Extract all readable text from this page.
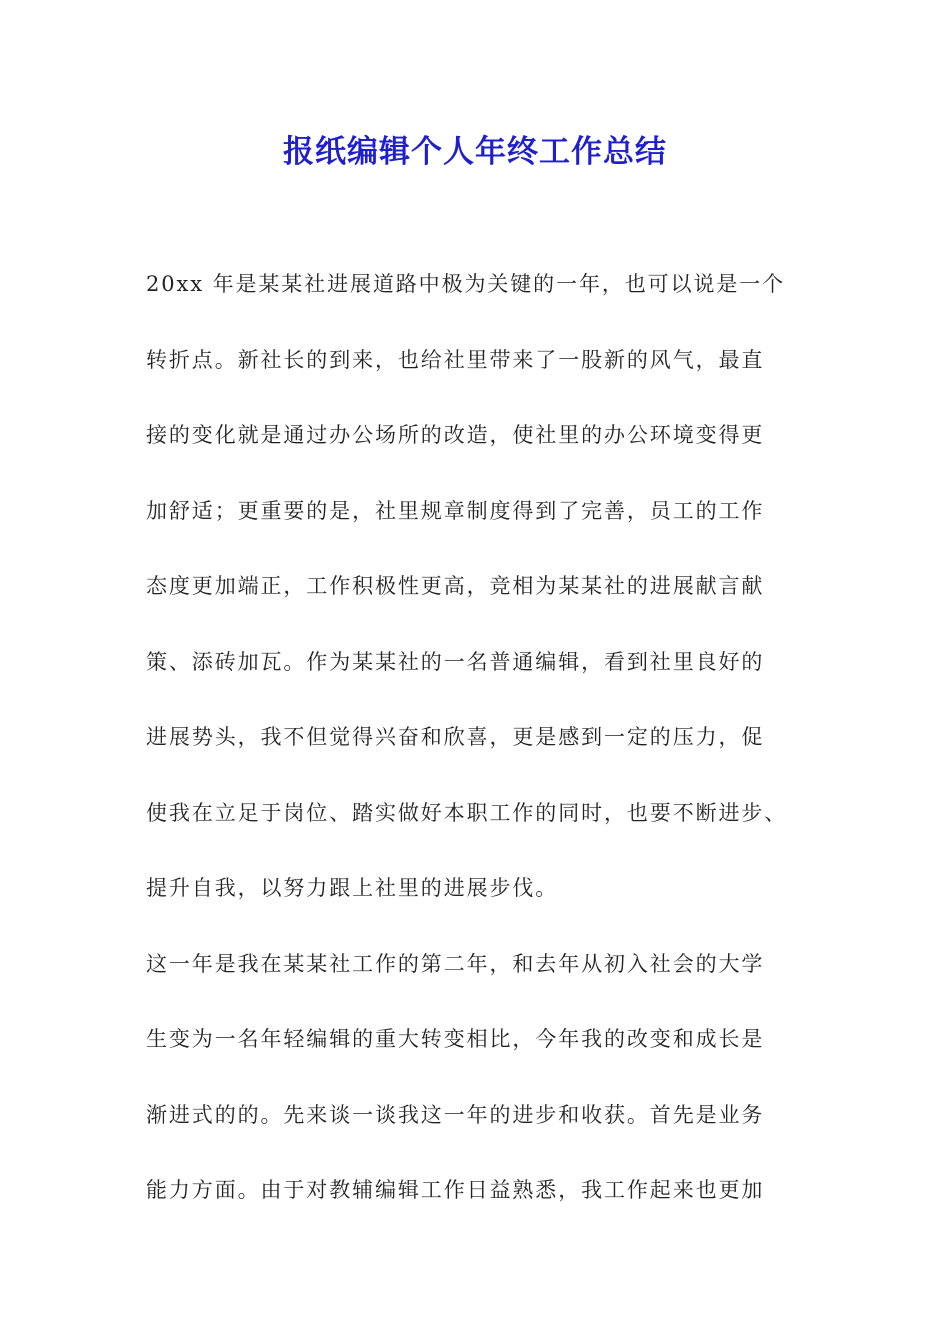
报纸编辑个人年终工作总结
20xx 年是某某社进展道路中极为关键的一年，也可以说是一个
转折点。新社长的到来，也给社里带来了一股新的风气，最直
接的变化就是通过办公场所的改造，使社里的办公环境变得更
加舒适；更重要的是，社里规章制度得到了完善，员工的工作
态度更加端正，工作积极性更高，竞相为某某社的进展献言献
策、添砖加瓦。作为某某社的一名普通编辑，看到社里良好的
进展势头，我不但觉得兴奋和欣喜，更是感到一定的压力，促
使我在立足于岗位、踏实做好本职工作的同时，也要不断进步、
提升自我，以努力跟上社里的进展步伐。
这一年是我在某某社工作的第二年，和去年从初入社会的大学
生变为一名年轻编辑的重大转变相比，今年我的改变和成长是
渐进式的的。先来谈一谈我这一年的进步和收获。首先是业务
能力方面。由于对教辅编辑工作日益熟悉，我工作起来也更加
